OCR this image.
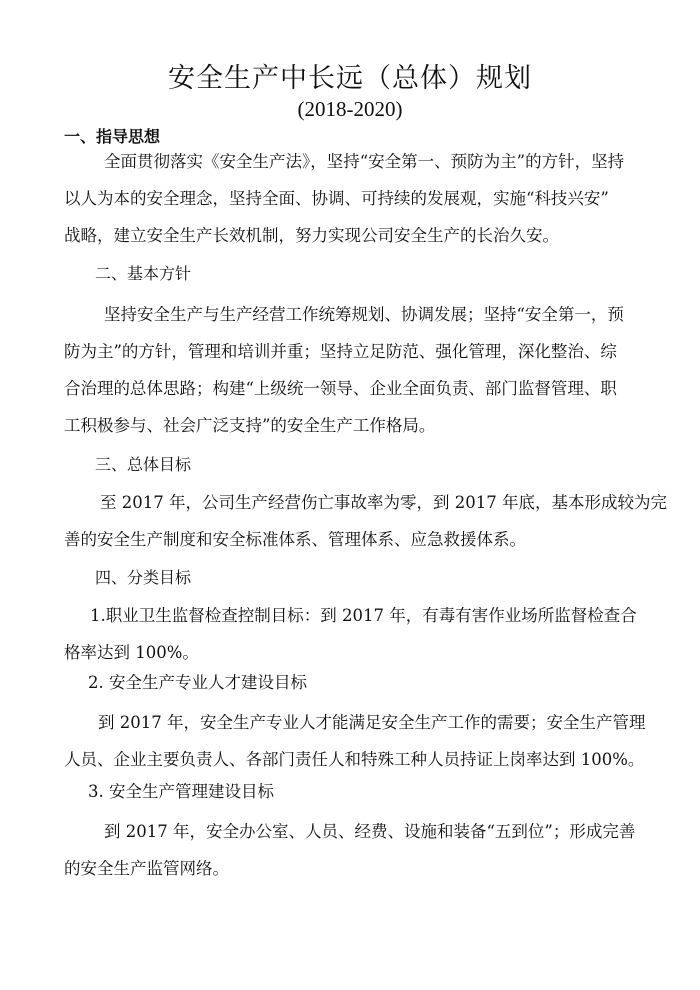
安全生产中长远（总体）规划
(2018-2020)
一、指导思想
全面贯彻落实《安全生产法》，坚持“安全第一、预防为主”的方针，坚持
以人为本的安全理念，坚持全面、协调、可持续的发展观，实施“科技兴安”
战略，建立安全生产长效机制，努力实现公司安全生产的长治久安。
二、基本方针
坚持安全生产与生产经营工作统筹规划、协调发展；坚持“安全第一，预
防为主”的方针，管理和培训并重；坚持立足防范、强化管理，深化整治、综
合治理的总体思路；构建“上级统一领导、企业全面负责、部门监督管理、职
工积极参与、社会广泛支持”的安全生产工作格局。
三、总体目标
至 2017 年，公司生产经营伤亡事故率为零，到 2017 年底，基本形成较为完
善的安全生产制度和安全标准体系、管理体系、应急救援体系。
四、分类目标
1.职业卫生监督检查控制目标：到 2017 年，有毒有害作业场所监督检查合
格率达到 100%。
2. 安全生产专业人才建设目标
到 2017 年，安全生产专业人才能满足安全生产工作的需要；安全生产管理
人员、企业主要负责人、各部门责任人和特殊工种人员持证上岗率达到 100%。
3. 安全生产管理建设目标
到 2017 年，安全办公室、人员、经费、设施和装备“五到位”；形成完善
的安全生产监管网络。
